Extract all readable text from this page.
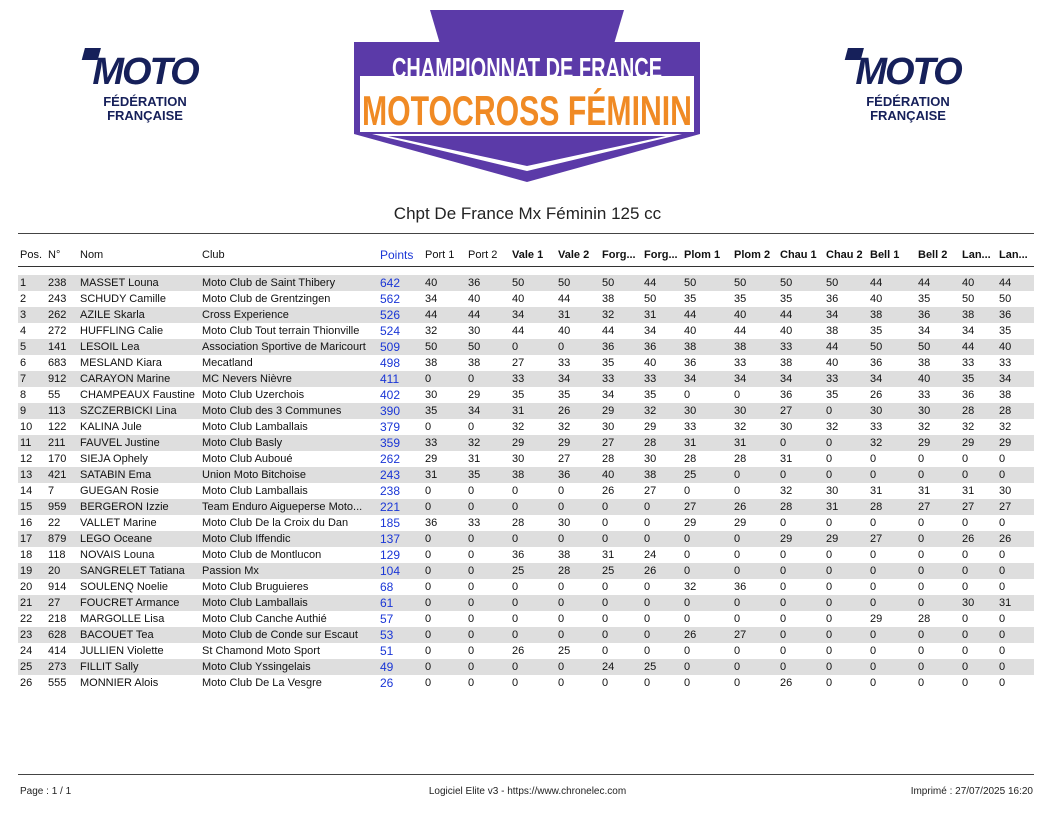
MOTO
FÉDÉRATION
FRANÇAISE
CHAMPIONNAT DE FRANCE
MOTOCROSS FÉMININ
MOTO
FÉDÉRATION
FRANÇAISE
Chpt De France Mx Féminin 125 cc
Pos.	N°	Nom	Club	Points	Port 1	Port 2	Vale 1	Vale 2	Forg...	Forg...	Plom 1	Plom 2	Chau 1	Chau 2	Bell 1	Bell 2	Lan...	Lan...

1	238	MASSET Louna	Moto Club de Saint Thibery	642	40	36	50	50	50	44	50	50	50	50	44	44	40	44
2	243	SCHUDY Camille	Moto Club de Grentzingen	562	34	40	40	44	38	50	35	35	35	36	40	35	50	50
3	262	AZILE Skarla	Cross Experience	526	44	44	34	31	32	31	44	40	44	34	38	36	38	36
4	272	HUFFLING Calie	Moto Club Tout terrain Thionville	524	32	30	44	40	44	34	40	44	40	38	35	34	34	35
5	141	LESOIL Lea	Association Sportive de Maricourt	509	50	50	0	0	36	36	38	38	33	44	50	50	44	40
6	683	MESLAND Kiara	Mecatland	498	38	38	27	33	35	40	36	33	38	40	36	38	33	33
7	912	CARAYON Marine	MC Nevers Nièvre	411	0	0	33	34	33	33	34	34	34	33	34	40	35	34
8	55	CHAMPEAUX Faustine	Moto Club Uzerchois	402	30	29	35	35	34	35	0	0	36	35	26	33	36	38
9	113	SZCZERBICKI Lina	Moto Club des 3 Communes	390	35	34	31	26	29	32	30	30	27	0	30	30	28	28
10	122	KALINA Jule	Moto Club Lamballais	379	0	0	32	32	30	29	33	32	30	32	33	32	32	32
11	211	FAUVEL Justine	Moto Club Basly	359	33	32	29	29	27	28	31	31	0	0	32	29	29	29
12	170	SIEJA Ophely	Moto Club Auboué	262	29	31	30	27	28	30	28	28	31	0	0	0	0	0
13	421	SATABIN Ema	Union Moto Bitchoise	243	31	35	38	36	40	38	25	0	0	0	0	0	0	0
14	7	GUEGAN Rosie	Moto Club Lamballais	238	0	0	0	0	26	27	0	0	32	30	31	31	31	30
15	959	BERGERON Izzie	Team Enduro Aigueperse Moto...	221	0	0	0	0	0	0	27	26	28	31	28	27	27	27
16	22	VALLET Marine	Moto Club De la Croix du Dan	185	36	33	28	30	0	0	29	29	0	0	0	0	0	0
17	879	LEGO Oceane	Moto Club Iffendic	137	0	0	0	0	0	0	0	0	29	29	27	0	26	26
18	118	NOVAIS Louna	Moto Club de Montlucon	129	0	0	36	38	31	24	0	0	0	0	0	0	0	0
19	20	SANGRELET Tatiana	Passion Mx	104	0	0	25	28	25	26	0	0	0	0	0	0	0	0
20	914	SOULENQ Noelie	Moto Club Bruguieres	68	0	0	0	0	0	0	32	36	0	0	0	0	0	0
21	27	FOUCRET Armance	Moto Club Lamballais	61	0	0	0	0	0	0	0	0	0	0	0	0	30	31
22	218	MARGOLLE Lisa	Moto Club Canche Authié	57	0	0	0	0	0	0	0	0	0	0	29	28	0	0
23	628	BACOUET Tea	Moto Club de Conde sur Escaut	53	0	0	0	0	0	0	26	27	0	0	0	0	0	0
24	414	JULLIEN Violette	St Chamond Moto Sport	51	0	0	26	25	0	0	0	0	0	0	0	0	0	0
25	273	FILLIT Sally	Moto Club Yssingelais	49	0	0	0	0	24	25	0	0	0	0	0	0	0	0
26	555	MONNIER Alois	Moto Club De La Vesgre	26	0	0	0	0	0	0	0	0	26	0	0	0	0	0
Page : 1 / 1	Logiciel Elite v3 - https://www.chronelec.com	Imprimé : 27/07/2025 16:20
